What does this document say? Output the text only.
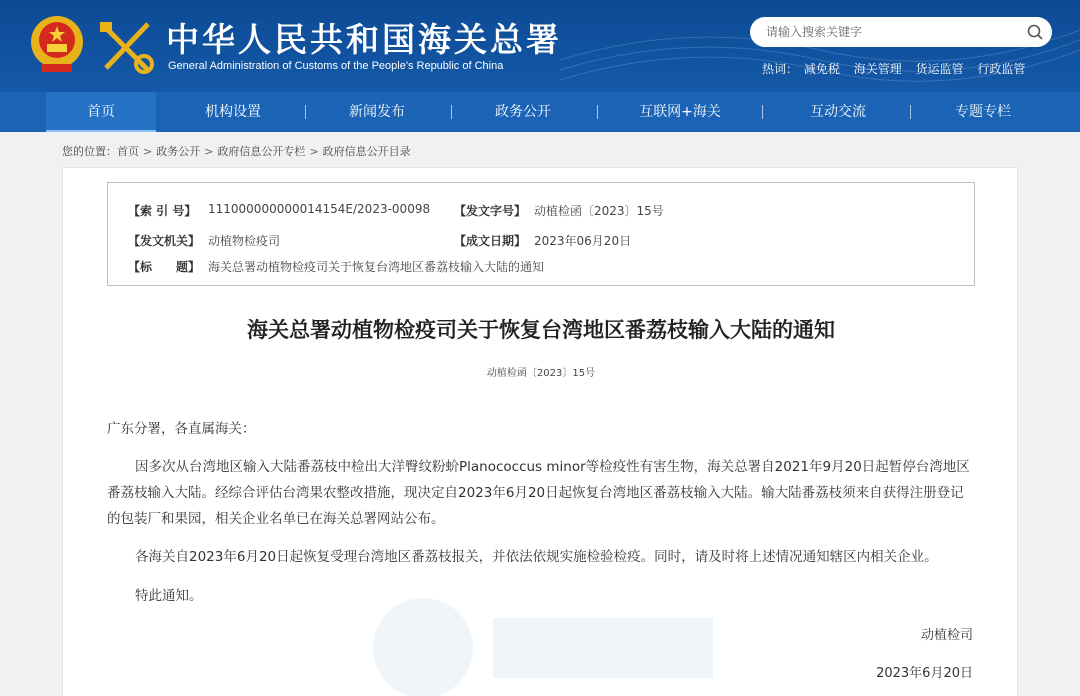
中华人民共和国海关总署
General Administration of Customs of the People's Republic of China
请输入搜索关键字	热词： 减免税 海关管理 货运监管 行政监管
首页	机构设置	新闻发布	政务公开	互联网+海关	互动交流	专题专栏
您的位置：首页 > 政务公开 > 政府信息公开专栏 > 政府信息公开目录
【索 引 号】 111000000000014154E/2023-00098 【发文字号】 动植检函〔2023〕15号
【发文机关】 动植物检疫司	【成文日期】 2023年06月20日
【标　　题】 海关总署动植物检疫司关于恢复台湾地区番荔枝输入大陆的通知
海关总署动植物检疫司关于恢复台湾地区番荔枝输入大陆的通知
动植检函〔2023〕15号
广东分署，各直属海关：
因多次从台湾地区输入大陆番荔枝中检出大洋臀纹粉蚧Planococcus minor等检疫性有害生物，海关总署自2021年9月20日起暂停台湾地区番荔枝输入大陆。经综合评估台湾果农整改措施，现决定自2023年6月20日起恢复台湾地区番荔枝输入大陆。输大陆番荔枝须来自获得注册登记的包装厂和果园，相关企业名单已在海关总署网站公布。
各海关自2023年6月20日起恢复受理台湾地区番荔枝报关，并依法依规实施检验检疫。同时，请及时将上述情况通知辖区内相关企业。
特此通知。
动植检司
2023年6月20日
